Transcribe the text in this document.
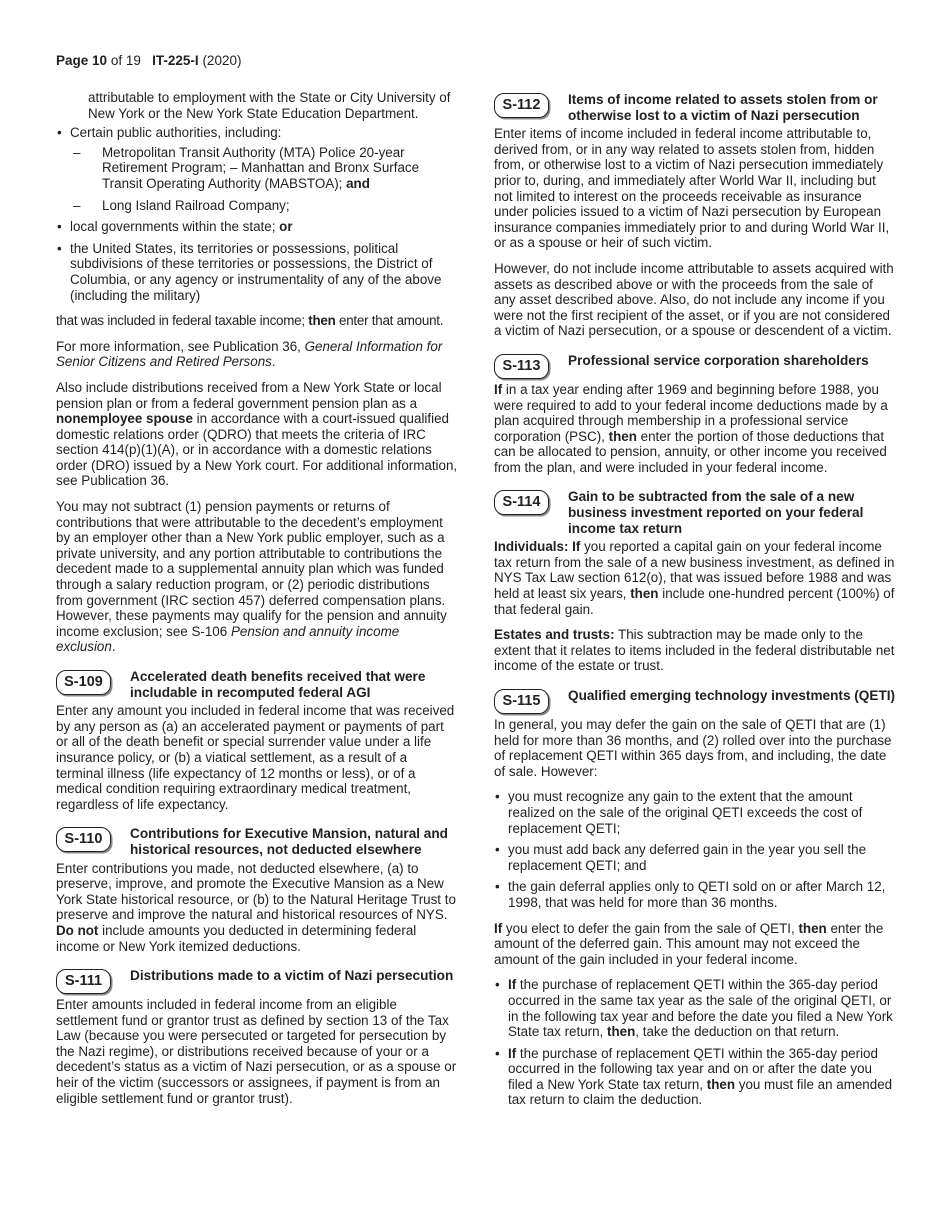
Page 10 of 19 IT-225-I (2020)
attributable to employment with the State or City University of New York or the New York State Education Department.
• Certain public authorities, including:
– Metropolitan Transit Authority (MTA) Police 20-year Retirement Program; – Manhattan and Bronx Surface Transit Operating Authority (MABSTOA); and
– Long Island Railroad Company;
• local governments within the state; or
• the United States, its territories or possessions, political subdivisions of these territories or possessions, the District of Columbia, or any agency or instrumentality of any of the above (including the military)

that was included in federal taxable income; then enter that amount.

For more information, see Publication 36, General Information for Senior Citizens and Retired Persons.

Also include distributions received from a New York State or local pension plan or from a federal government pension plan as a nonemployee spouse in accordance with a court-issued qualified domestic relations order (QDRO) that meets the criteria of IRC section 414(p)(1)(A), or in accordance with a domestic relations order (DRO) issued by a New York court. For additional information, see Publication 36.

You may not subtract (1) pension payments or returns of contributions that were attributable to the decedent’s employment by an employer other than a New York public employer, such as a private university, and any portion attributable to contributions the decedent made to a supplemental annuity plan which was funded through a salary reduction program, or (2) periodic distributions from government (IRC section 457) deferred compensation plans. However, these payments may qualify for the pension and annuity income exclusion; see S-106 Pension and annuity income exclusion.

S-109	Accelerated death benefits received that were includable in recomputed federal AGI

Enter any amount you included in federal income that was received by any person as (a) an accelerated payment or payments of part or all of the death benefit or special surrender value under a life insurance policy, or (b) a viatical settlement, as a result of a terminal illness (life expectancy of 12 months or less), or of a medical condition requiring extraordinary medical treatment, regardless of life expectancy.

S-110	Contributions for Executive Mansion, natural and historical resources, not deducted elsewhere

Enter contributions you made, not deducted elsewhere, (a) to preserve, improve, and promote the Executive Mansion as a New York State historical resource, or (b) to the Natural Heritage Trust to preserve and improve the natural and historical resources of NYS. Do not include amounts you deducted in determining federal income or New York itemized deductions.

S-111	Distributions made to a victim of Nazi persecution

Enter amounts included in federal income from an eligible settlement fund or grantor trust as defined by section 13 of the Tax Law (because you were persecuted or targeted for persecution by the Nazi regime), or distributions received because of your or a decedent’s status as a victim of Nazi persecution, or as a spouse or heir of the victim (successors or assignees, if payment is from an eligible settlement fund or grantor trust).

S-112	Items of income related to assets stolen from or otherwise lost to a victim of Nazi persecution

Enter items of income included in federal income attributable to, derived from, or in any way related to assets stolen from, hidden from, or otherwise lost to a victim of Nazi persecution immediately prior to, during, and immediately after World War II, including but not limited to interest on the proceeds receivable as insurance under policies issued to a victim of Nazi persecution by European insurance companies immediately prior to and during World War II, or as a spouse or heir of such victim.

However, do not include income attributable to assets acquired with assets as described above or with the proceeds from the sale of any asset described above. Also, do not include any income if you were not the first recipient of the asset, or if you are not considered a victim of Nazi persecution, or a spouse or descendent of a victim.

S-113	Professional service corporation shareholders

If in a tax year ending after 1969 and beginning before 1988, you were required to add to your federal income deductions made by a plan acquired through membership in a professional service corporation (PSC), then enter the portion of those deductions that can be allocated to pension, annuity, or other income you received from the plan, and were included in your federal income.

S-114	Gain to be subtracted from the sale of a new business investment reported on your federal income tax return

Individuals: If you reported a capital gain on your federal income tax return from the sale of a new business investment, as defined in NYS Tax Law section 612(o), that was issued before 1988 and was held at least six years, then include one-hundred percent (100%) of that federal gain.

Estates and trusts: This subtraction may be made only to the extent that it relates to items included in the federal distributable net income of the estate or trust.

S-115	Qualified emerging technology investments (QETI)

In general, you may defer the gain on the sale of QETI that are (1) held for more than 36 months, and (2) rolled over into the purchase of replacement QETI within 365 days from, and including, the date of sale. However:

• you must recognize any gain to the extent that the amount realized on the sale of the original QETI exceeds the cost of replacement QETI;
• you must add back any deferred gain in the year you sell the replacement QETI; and
• the gain deferral applies only to QETI sold on or after March 12, 1998, that was held for more than 36 months.

If you elect to defer the gain from the sale of QETI, then enter the amount of the deferred gain. This amount may not exceed the amount of the gain included in your federal income.

• If the purchase of replacement QETI within the 365-day period occurred in the same tax year as the sale of the original QETI, or in the following tax year and before the date you filed a New York State tax return, then, take the deduction on that return.
• If the purchase of replacement QETI within the 365-day period occurred in the following tax year and on or after the date you filed a New York State tax return, then you must file an amended tax return to claim the deduction.
